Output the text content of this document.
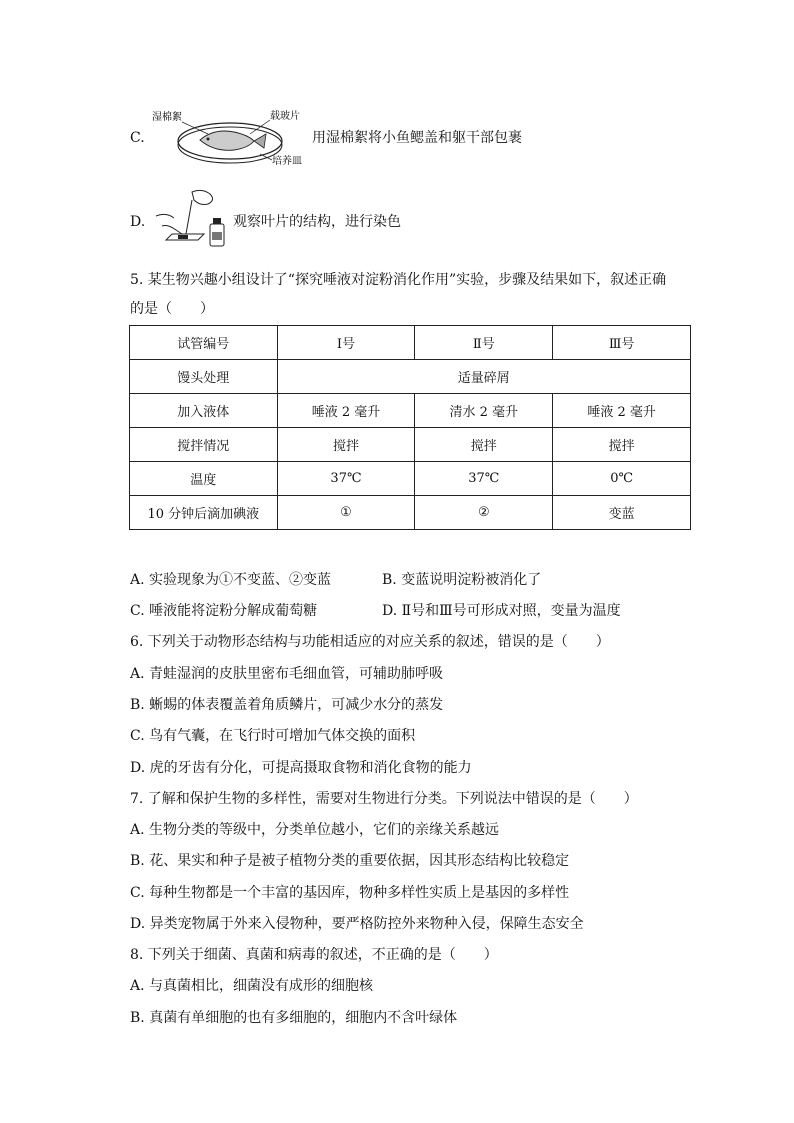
C.
湿棉絮	载玻片
培养皿
用湿棉絮将小鱼鳃盖和躯干部包裹
D.	观察叶片的结构，进行染色
5. 某生物兴趣小组设计了“探究唾液对淀粉消化作用”实验，步骤及结果如下，叙述正确
的是（　　）
试管编号	Ⅰ号	Ⅱ号	Ⅲ号
馒头处理	适量碎屑		
加入液体	唾液 2 毫升	清水 2 毫升	唾液 2 毫升
搅拌情况	搅拌	搅拌	搅拌
温度	37℃	37℃	0℃
10 分钟后滴加碘液	①	②	变蓝
A. 实验现象为①不变蓝、②变蓝	B. 变蓝说明淀粉被消化了
C. 唾液能将淀粉分解成葡萄糖	D. Ⅱ号和Ⅲ号可形成对照，变量为温度
6. 下列关于动物形态结构与功能相适应的对应关系的叙述，错误的是（　　）
A. 青蛙湿润的皮肤里密布毛细血管，可辅助肺呼吸
B. 蜥蜴的体表覆盖着角质鳞片，可减少水分的蒸发
C. 鸟有气囊，在飞行时可增加气体交换的面积
D. 虎的牙齿有分化，可提高摄取食物和消化食物的能力
7. 了解和保护生物的多样性，需要对生物进行分类。下列说法中错误的是（　　）
A. 生物分类的等级中，分类单位越小，它们的亲缘关系越远
B. 花、果实和种子是被子植物分类的重要依据，因其形态结构比较稳定
C. 每种生物都是一个丰富的基因库，物种多样性实质上是基因的多样性
D. 异类宠物属于外来入侵物种，要严格防控外来物种入侵，保障生态安全
8. 下列关于细菌、真菌和病毒的叙述，不正确的是（　　）
A. 与真菌相比，细菌没有成形的细胞核
B. 真菌有单细胞的也有多细胞的，细胞内不含叶绿体
